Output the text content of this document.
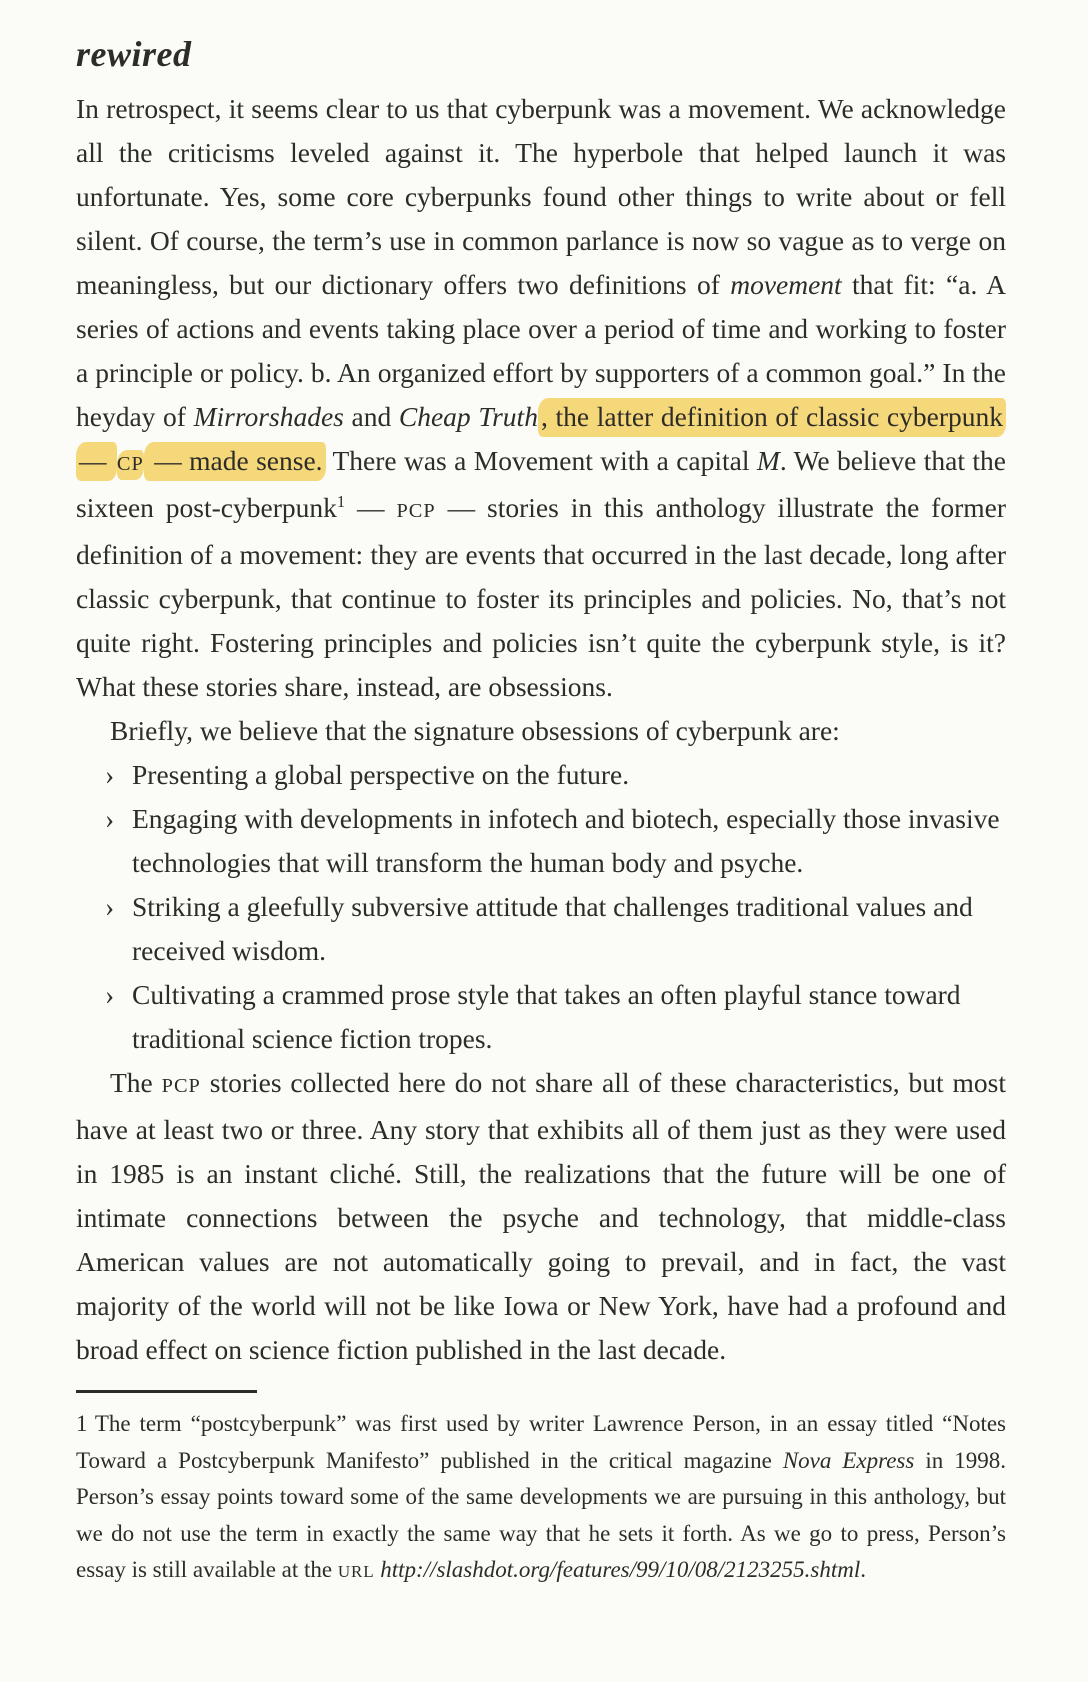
rewired

In retrospect, it seems clear to us that cyberpunk was a movement. We acknowledge all the criticisms leveled against it. The hyperbole that helped launch it was unfortunate. Yes, some core cyberpunks found other things to write about or fell silent. Of course, the term’s use in common parlance is now so vague as to verge on meaningless, but our dictionary offers two definitions of movement that fit: “a. A series of actions and events taking place over a period of time and working to foster a principle or policy. b. An organized effort by supporters of a common goal.” In the heyday of Mirrorshades and Cheap Truth , the latter definition of classic cyberpunk — CP — made sense. There was a Movement with a capital M. We believe that the sixteen post-cyberpunk$^1$ — PCP — stories in this anthology illustrate the former definition of a movement: they are events that occurred in the last decade, long after classic cyberpunk, that continue to foster its principles and policies. No, that’s not quite right. Fostering principles and policies isn’t quite the cyberpunk style, is it? What these stories share, instead, are obsessions.

Briefly, we believe that the signature obsessions of cyberpunk are:

› Presenting a global perspective on the future.
› Engaging with developments in infotech and biotech, especially those invasive technologies that will transform the human body and psyche.
› Striking a gleefully subversive attitude that challenges traditional values and received wisdom.
› Cultivating a crammed prose style that takes an often playful stance toward traditional science fiction tropes.

The PCP stories collected here do not share all of these characteristics, but most have at least two or three. Any story that exhibits all of them just as they were used in 1985 is an instant cliché. Still, the realizations that the future will be one of intimate connections between the psyche and technology, that middle-class American values are not automatically going to prevail, and in fact, the vast majority of the world will not be like Iowa or New York, have had a profound and broad effect on science fiction published in the last decade.

1 The term “postcyberpunk” was first used by writer Lawrence Person, in an essay titled “Notes Toward a Postcyberpunk Manifesto” published in the critical magazine Nova Express in 1998. Person’s essay points toward some of the same developments we are pursuing in this anthology, but we do not use the term in exactly the same way that he sets it forth. As we go to press, Person’s essay is still available at the URL http://slashdot.org/features/99/10/08/2123255.shtml.
